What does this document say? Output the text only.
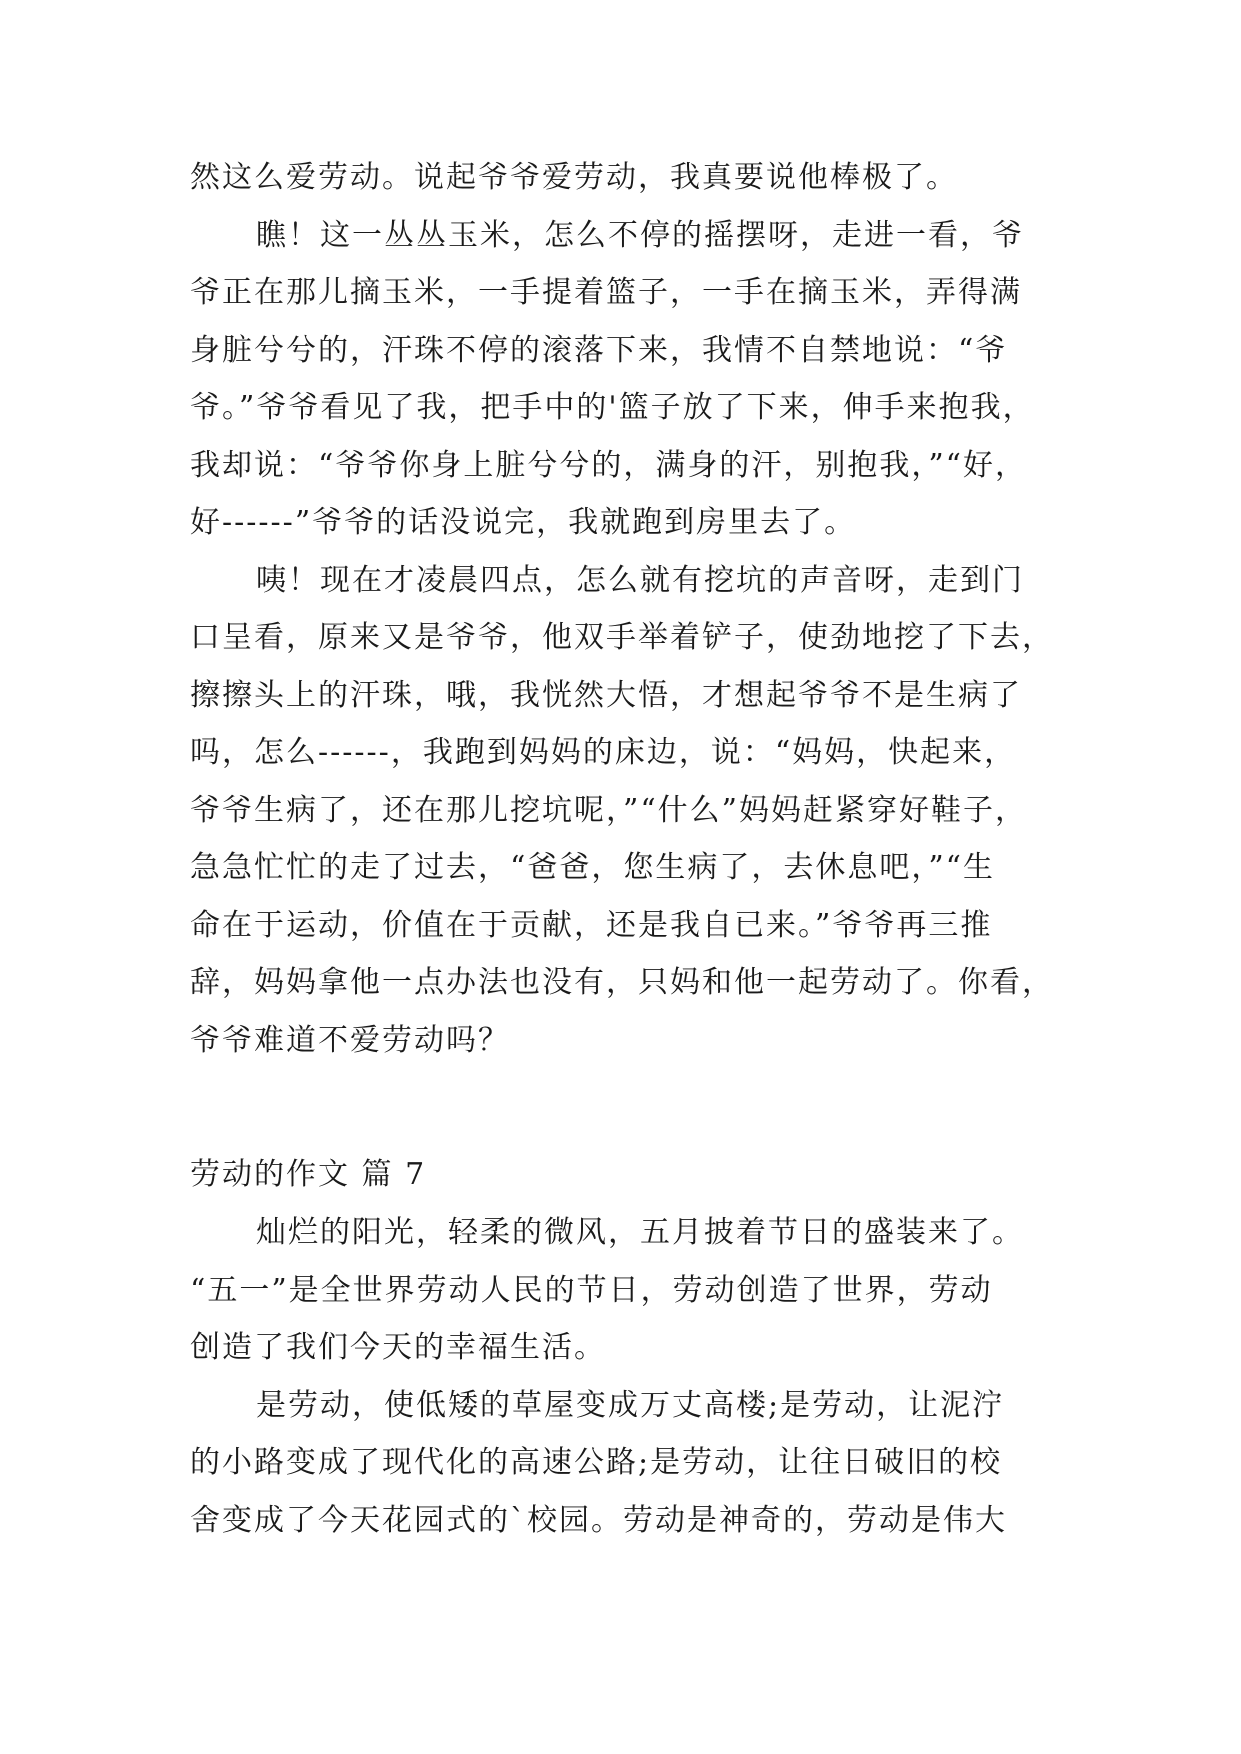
然这么爱劳动。说起爷爷爱劳动，我真要说他棒极了。
瞧！这一丛丛玉米，怎么不停的摇摆呀，走进一看，爷
爷正在那儿摘玉米，一手提着篮子，一手在摘玉米，弄得满
身脏兮兮的，汗珠不停的滚落下来，我情不自禁地说：“爷
爷。”爷爷看见了我，把手中的'篮子放了下来，伸手来抱我，
我却说：“爷爷你身上脏兮兮的，满身的汗，别抱我，”“好，
好------”爷爷的话没说完，我就跑到房里去了。
咦！现在才凌晨四点，怎么就有挖坑的声音呀，走到门
口呈看，原来又是爷爷，他双手举着铲子，使劲地挖了下去，
擦擦头上的汗珠，哦，我恍然大悟，才想起爷爷不是生病了
吗，怎么------，我跑到妈妈的床边，说：“妈妈，快起来，
爷爷生病了，还在那儿挖坑呢，”“什么”妈妈赶紧穿好鞋子，
急急忙忙的走了过去，“爸爸，您生病了，去休息吧，”“生
命在于运动，价值在于贡献，还是我自已来。”爷爷再三推
辞，妈妈拿他一点办法也没有，只妈和他一起劳动了。你看，
爷爷难道不爱劳动吗？
劳动的作文 篇 7
灿烂的阳光，轻柔的微风，五月披着节日的盛装来了。
“五一”是全世界劳动人民的节日，劳动创造了世界，劳动
创造了我们今天的幸福生活。
是劳动，使低矮的草屋变成万丈高楼;是劳动，让泥泞
的小路变成了现代化的高速公路;是劳动，让往日破旧的校
舍变成了今天花园式的`校园。劳动是神奇的，劳动是伟大
